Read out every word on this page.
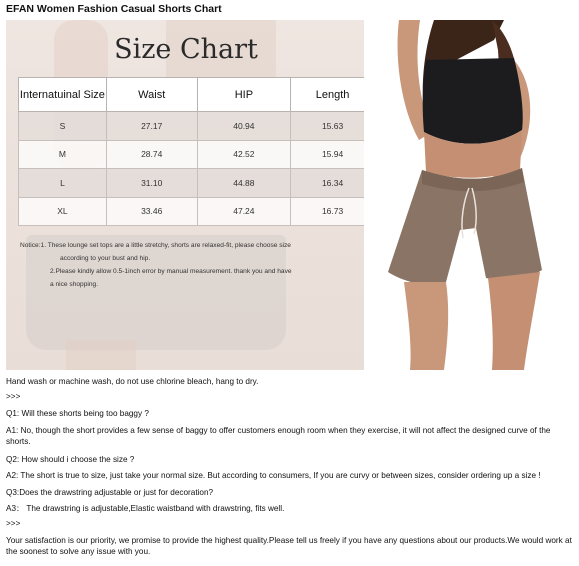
EFAN Women Fashion Casual Shorts Chart
Size Chart
Internatuinal Size	Waist	HIP	Length
S	27.17	40.94	15.63
M	28.74	42.52	15.94
L	31.10	44.88	16.34
XL	33.46	47.24	16.73
Notice:1. These lounge set tops are a little stretchy, shorts are relaxed-fit, please choose size
according to your bust and hip.
2.Please kindly allow 0.5-1inch error by manual measurement. thank you and have
a nice shopping.
Hand wash or machine wash, do not use chlorine bleach, hang to dry.
>>>
Q1: Will these shorts being too baggy ?
A1: No, though the short provides a few sense of baggy to offer customers enough room when they exercise, it will not affect the designed curve of the shorts.
Q2: How should i choose the size ?
A2: The short is true to size, just take your normal size. But according to consumers, If you are curvy or between sizes, consider ordering up a size !
Q3:Does the drawstring adjustable or just for decoration?
A3： The drawstring is adjustable,Elastic waistband with drawstring, fits well.
>>>
Your satisfaction is our priority, we promise to provide the highest quality.Please tell us freely if you have any questions about our products.We would work at the soonest to solve any issue with you.
